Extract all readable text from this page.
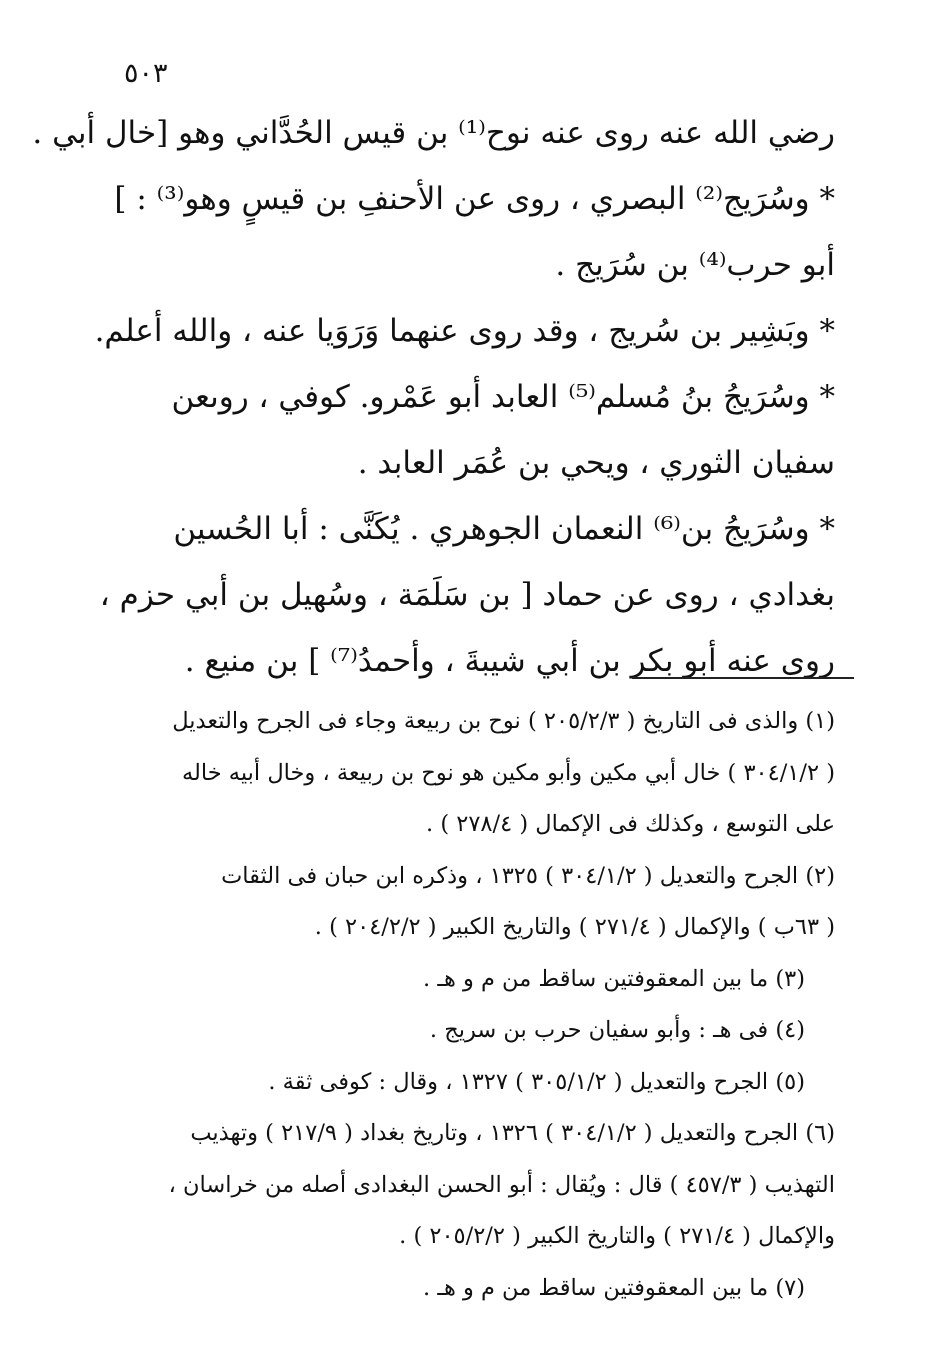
٥٠٣

رضي الله عنه روى عنه نوح⁽¹⁾ بن قيس الحُدَّاني وهو [خال أبي .

* وسُرَيج⁽²⁾ البصري ، روى عن الأحنفِ بن قيسٍ وهو⁽³⁾ : ]

أبو حرب⁽⁴⁾ بن سُرَيج .

* وبَشِير بن سُريج ، وقد روى عنهما وَرَوَيا عنه ، والله أعلم.

* وسُرَيجُ بنُ مُسلم⁽⁵⁾ العابد أبو عَمْرو. كوفي ، روىعن

سفيان الثوري ، ويحي بن عُمَر العابد .

* وسُرَيجُ بن⁽⁶⁾ النعمان الجوهري . يُكَنَّى : أبا الحُسين

بغدادي ، روى عن حماد [ بن سَلَمَة ، وسُهيل بن أبي حزم ،

روى عنه أبو بكر بن أبي شيبةَ ، وأحمدُ⁽⁷⁾ ] بن منيع .

(١) والذى فى التاريخ ( ٢٠٥/٢/٣ ) نوح بن ربيعة وجاء فى الجرح والتعديل

( ٣٠٤/١/٢ ) خال أبي مكين وأبو مكين هو نوح بن ربيعة ، وخال أبيه خاله

على التوسع ، وكذلك فى الإكمال ( ٢٧٨/٤ ) .

(٢) الجرح والتعديل ( ٣٠٤/١/٢ ) ١٣٢٥ ، وذكره ابن حبان فى الثقات

( ٦٣ب ) والإكمال ( ٢٧١/٤ ) والتاريخ الكبير ( ٢٠٤/٢/٢ ) .

(٣) ما بين المعقوفتين ساقط من م و هـ .

(٤) فى هـ : وأبو سفيان حرب بن سريج .

(٥) الجرح والتعديل ( ٣٠٥/١/٢ ) ١٣٢٧ ، وقال : كوفى ثقة .

(٦) الجرح والتعديل ( ٣٠٤/١/٢ ) ١٣٢٦ ، وتاريخ بغداد ( ٢١٧/٩ ) وتهذيب

التهذيب ( ٤٥٧/٣ ) قال : ويُقال : أبو الحسن البغدادى أصله من خراسان ،

والإكمال ( ٢٧١/٤ ) والتاريخ الكبير ( ٢٠٥/٢/٢ ) .

(٧) ما بين المعقوفتين ساقط من م و هـ .
